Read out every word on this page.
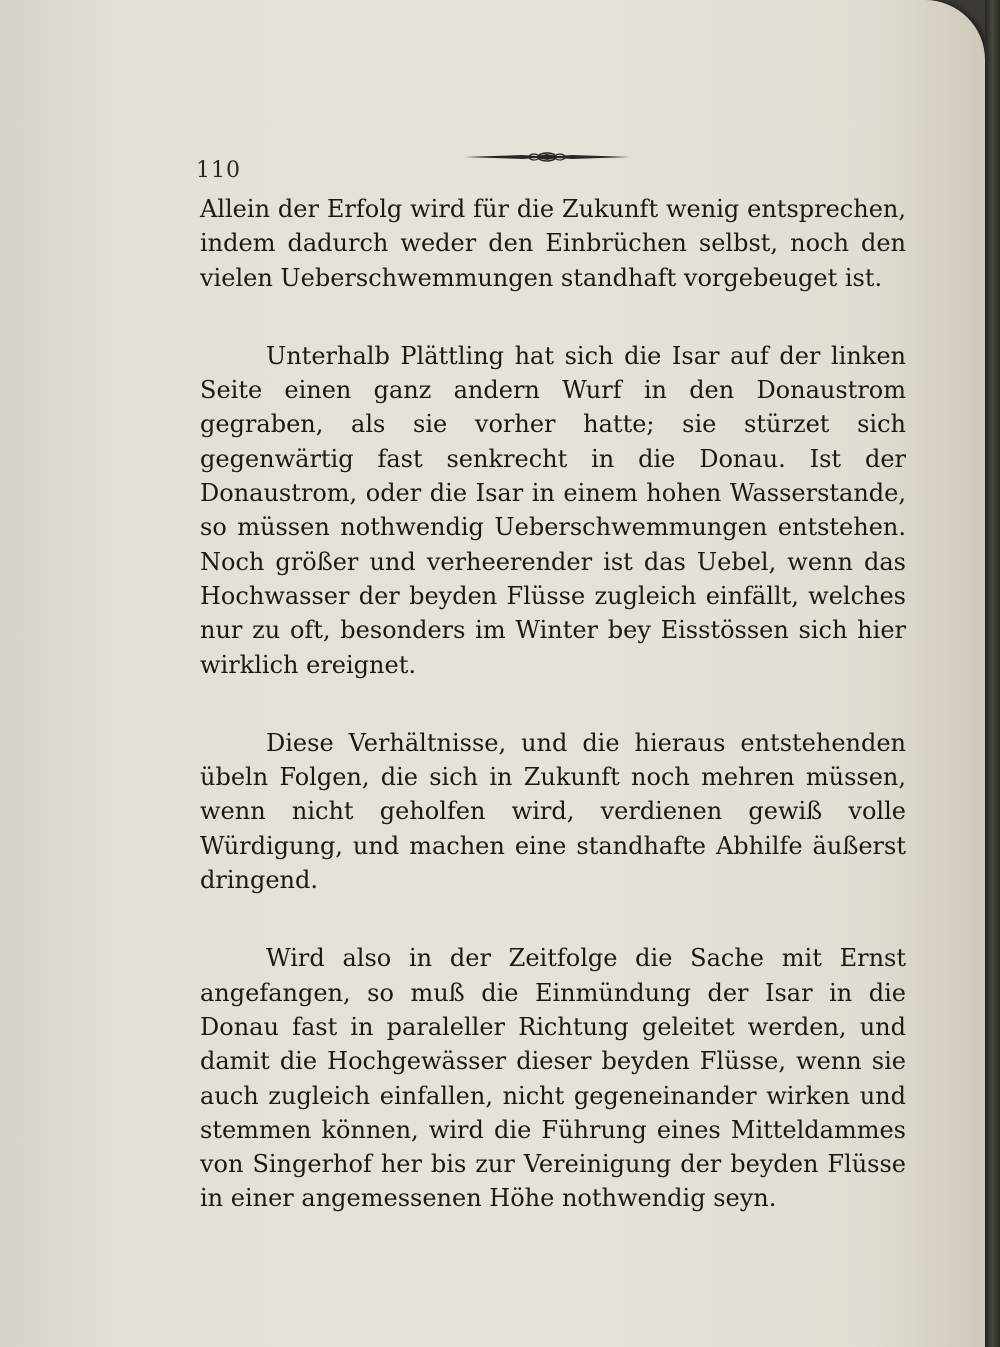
110

Allein der Erfolg wird für die Zukunft wenig entsprechen, indem dadurch weder den Einbrüchen selbst, noch den vielen Ueberschwemmungen standhaft vorgebeuget ist.

Unterhalb Plättling hat sich die Isar auf der linken Seite einen ganz andern Wurf in den Donaustrom gegraben, als sie vorher hatte; sie stürzet sich gegenwärtig fast senkrecht in die Donau. Ist der Donaustrom, oder die Isar in einem hohen Wasserstande, so müssen nothwendig Ueberschwemmungen entstehen. Noch größer und verheerender ist das Uebel, wenn das Hochwasser der beyden Flüsse zugleich einfällt, welches nur zu oft, besonders im Winter bey Eisstössen sich hier wirklich ereignet.

Diese Verhältnisse, und die hieraus entstehenden übeln Folgen, die sich in Zukunft noch mehren müssen, wenn nicht geholfen wird, verdienen gewiß volle Würdigung, und machen eine standhafte Abhilfe äußerst dringend.

Wird also in der Zeitfolge die Sache mit Ernst angefangen, so muß die Einmündung der Isar in die Donau fast in paraleller Richtung geleitet werden, und damit die Hochgewässer dieser beyden Flüsse, wenn sie auch zugleich einfallen, nicht gegeneinander wirken und stemmen können, wird die Führung eines Mitteldammes von Singerhof her bis zur Vereinigung der beyden Flüsse in einer angemessenen Höhe nothwendig seyn.
